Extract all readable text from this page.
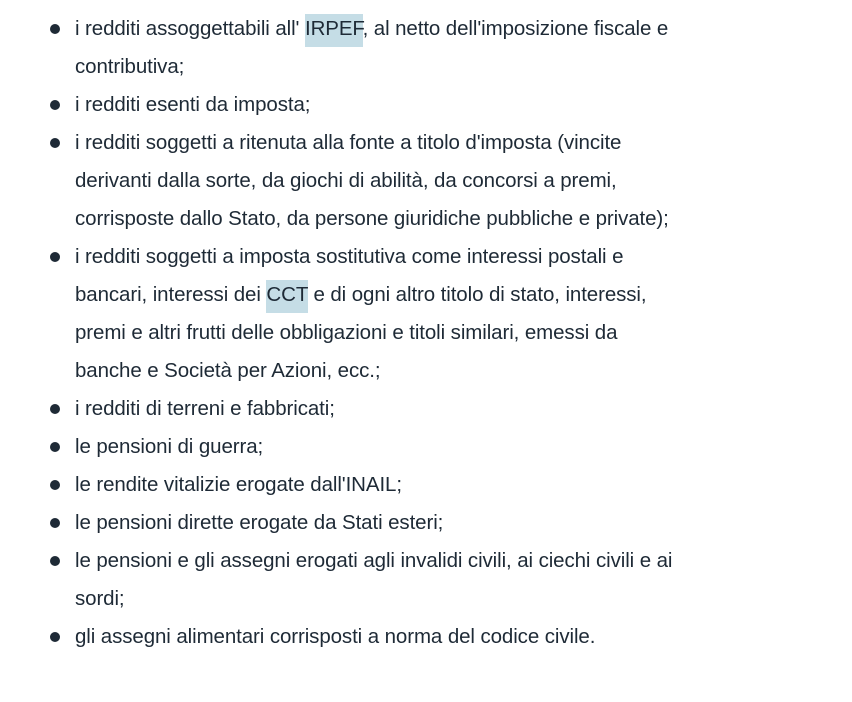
i redditi assoggettabili all' IRPEF, al netto dell'imposizione fiscale e contributiva;
i redditi esenti da imposta;
i redditi soggetti a ritenuta alla fonte a titolo d'imposta (vincite derivanti dalla sorte, da giochi di abilità, da concorsi a premi, corrisposte dallo Stato, da persone giuridiche pubbliche e private);
i redditi soggetti a imposta sostitutiva come interessi postali e bancari, interessi dei CCT e di ogni altro titolo di stato, interessi, premi e altri frutti delle obbligazioni e titoli similari, emessi da banche e Società per Azioni, ecc.;
i redditi di terreni e fabbricati;
le pensioni di guerra;
le rendite vitalizie erogate dall'INAIL;
le pensioni dirette erogate da Stati esteri;
le pensioni e gli assegni erogati agli invalidi civili, ai ciechi civili e ai sordi;
gli assegni alimentari corrisposti a norma del codice civile.
